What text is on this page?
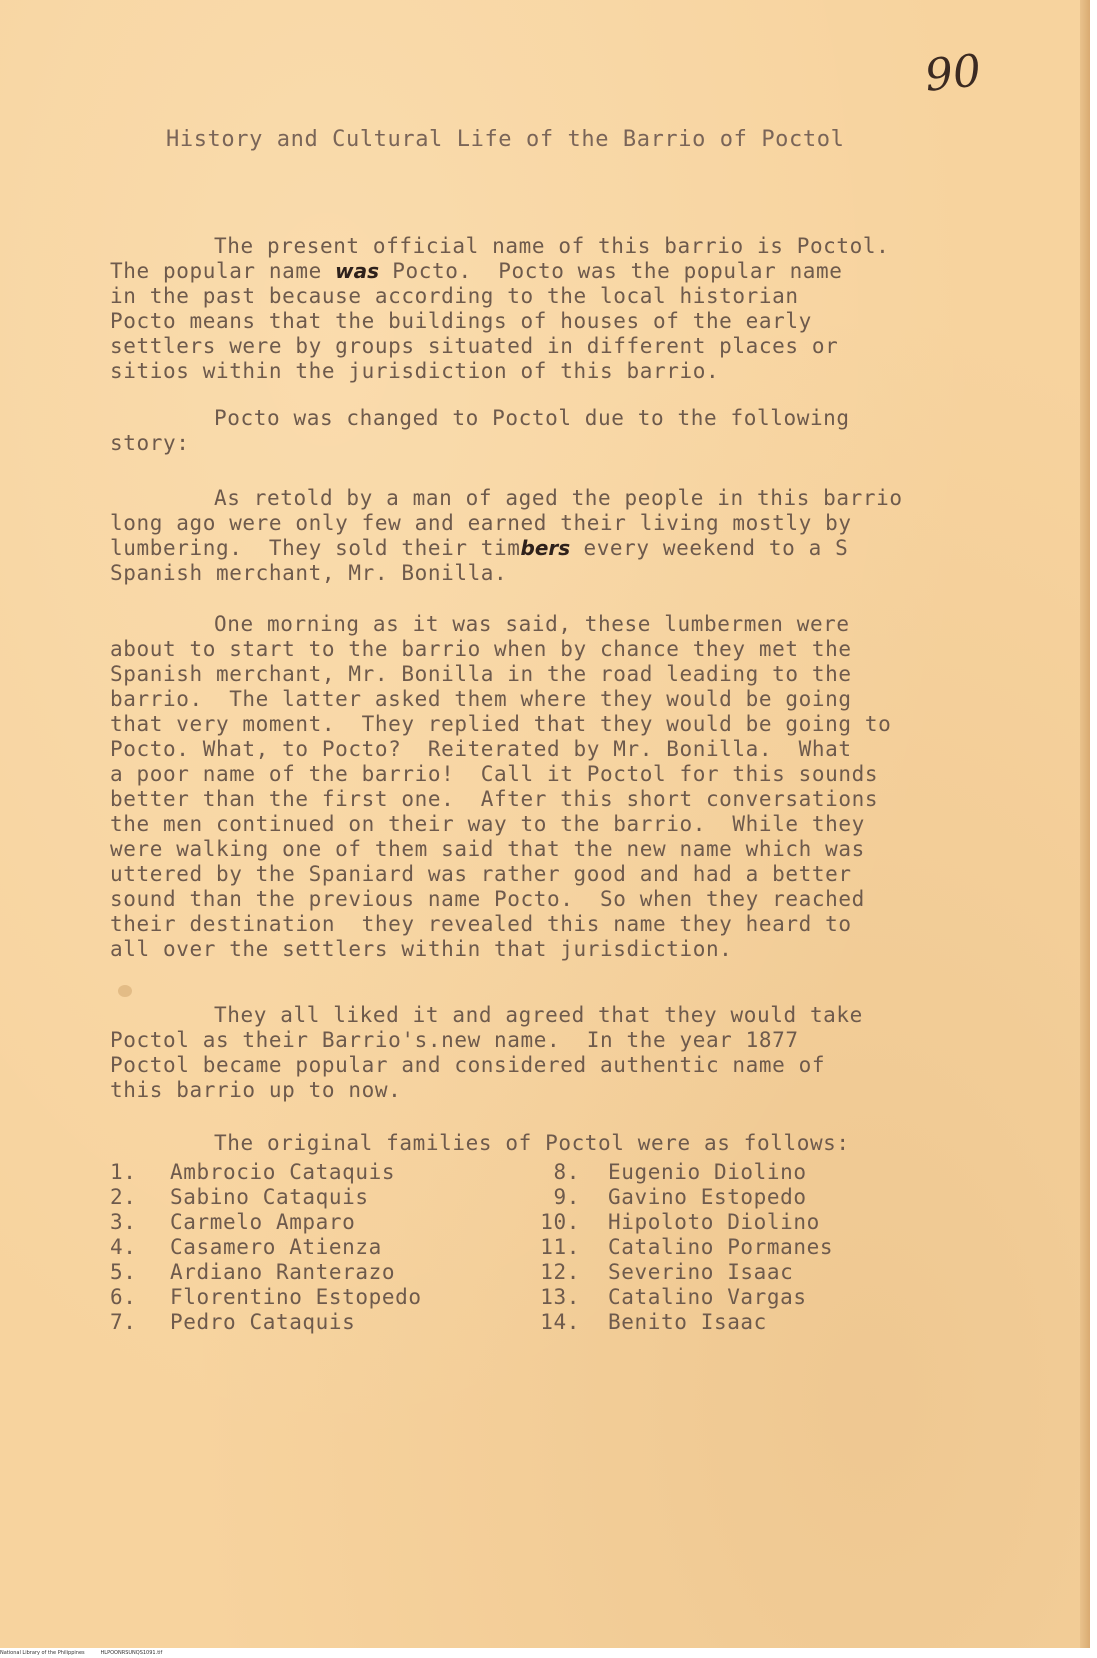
90
History and Cultural Life of the Barrio of Poctol
The present official name of this barrio is Poctol.
The popular name was Pocto.  Pocto was the popular name
in the past because according to the local historian
Pocto means that the buildings of houses of the early
settlers were by groups situated in different places or
sitios within the jurisdiction of this barrio.
Pocto was changed to Poctol due to the following
story:
As retold by a man of aged the people in this barrio
long ago were only few and earned their living mostly by
lumbering.  They sold their timbers every weekend to a S
Spanish merchant, Mr. Bonilla.
One morning as it was said, these lumbermen were
about to start to the barrio when by chance they met the
Spanish merchant, Mr. Bonilla in the road leading to the
barrio.  The latter asked them where they would be going
that very moment.  They replied that they would be going to
Pocto. What, to Pocto?  Reiterated by Mr. Bonilla.  What
a poor name of the barrio!  Call it Poctol for this sounds
better than the first one.  After this short conversations
the men continued on their way to the barrio.  While they
were walking one of them said that the new name which was
uttered by the Spaniard was rather good and had a better
sound than the previous name Pocto.  So when they reached
their destination  they revealed this name they heard to
all over the settlers within that jurisdiction.
They all liked it and agreed that they would take
Poctol as their Barrio's.new name.  In the year 1877
Poctol became popular and considered authentic name of
this barrio up to now.
The original families of Poctol were as follows:
1. Ambrocio Cataquis
2. Sabino Cataquis
3. Carmelo Amparo
4. Casamero Atienza
5. Ardiano Ranterazo
6. Florentino Estopedo
7. Pedro Cataquis
8. Eugenio Diolino
9. Gavino Estopedo
10. Hipoloto Diolino
11. Catalino Pormanes
12. Severino Isaac
13. Catalino Vargas
14. Benito Isaac
National Library of the Philippines	HLPOONRSUNQS1091.tif
